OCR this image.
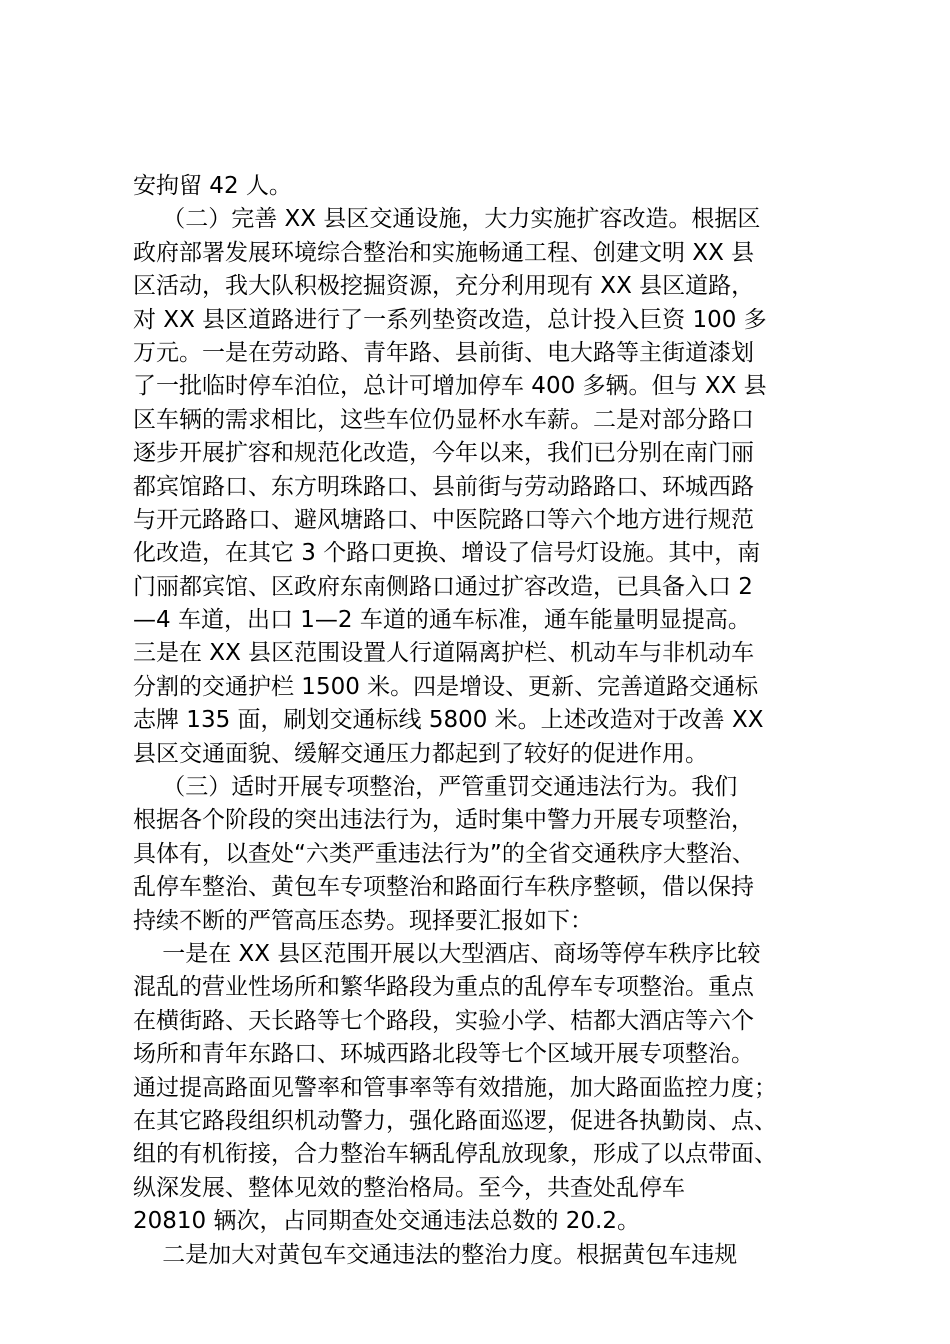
安拘留 42 人。
（二）完善 XX 县区交通设施，大力实施扩容改造。根据区
政府部署发展环境综合整治和实施畅通工程、创建文明 XX 县
区活动，我大队积极挖掘资源，充分利用现有 XX 县区道路，
对 XX 县区道路进行了一系列垫资改造，总计投入巨资 100 多
万元。一是在劳动路、青年路、县前街、电大路等主街道漆划
了一批临时停车泊位，总计可增加停车 400 多辆。但与 XX 县
区车辆的需求相比，这些车位仍显杯水车薪。二是对部分路口
逐步开展扩容和规范化改造，今年以来，我们已分别在南门丽
都宾馆路口、东方明珠路口、县前街与劳动路路口、环城西路
与开元路路口、避风塘路口、中医院路口等六个地方进行规范
化改造，在其它 3 个路口更换、增设了信号灯设施。其中，南
门丽都宾馆、区政府东南侧路口通过扩容改造，已具备入口 2
—4 车道，出口 1—2 车道的通车标准，通车能量明显提高。
三是在 XX 县区范围设置人行道隔离护栏、机动车与非机动车
分割的交通护栏 1500 米。四是增设、更新、完善道路交通标
志牌 135 面，刷划交通标线 5800 米。上述改造对于改善 XX
县区交通面貌、缓解交通压力都起到了较好的促进作用。
（三）适时开展专项整治，严管重罚交通违法行为。我们
根据各个阶段的突出违法行为，适时集中警力开展专项整治，
具体有，以查处“六类严重违法行为”的全省交通秩序大整治、
乱停车整治、黄包车专项整治和路面行车秩序整顿，借以保持
持续不断的严管高压态势。现择要汇报如下：
一是在 XX 县区范围开展以大型酒店、商场等停车秩序比较
混乱的营业性场所和繁华路段为重点的乱停车专项整治。重点
在横街路、天长路等七个路段，实验小学、桔都大酒店等六个
场所和青年东路口、环城西路北段等七个区域开展专项整治。
通过提高路面见警率和管事率等有效措施，加大路面监控力度；
在其它路段组织机动警力，强化路面巡逻，促进各执勤岗、点、
组的有机衔接，合力整治车辆乱停乱放现象，形成了以点带面、
纵深发展、整体见效的整治格局。至今，共查处乱停车
20810 辆次，占同期查处交通违法总数的 20.2。
二是加大对黄包车交通违法的整治力度。根据黄包车违规
